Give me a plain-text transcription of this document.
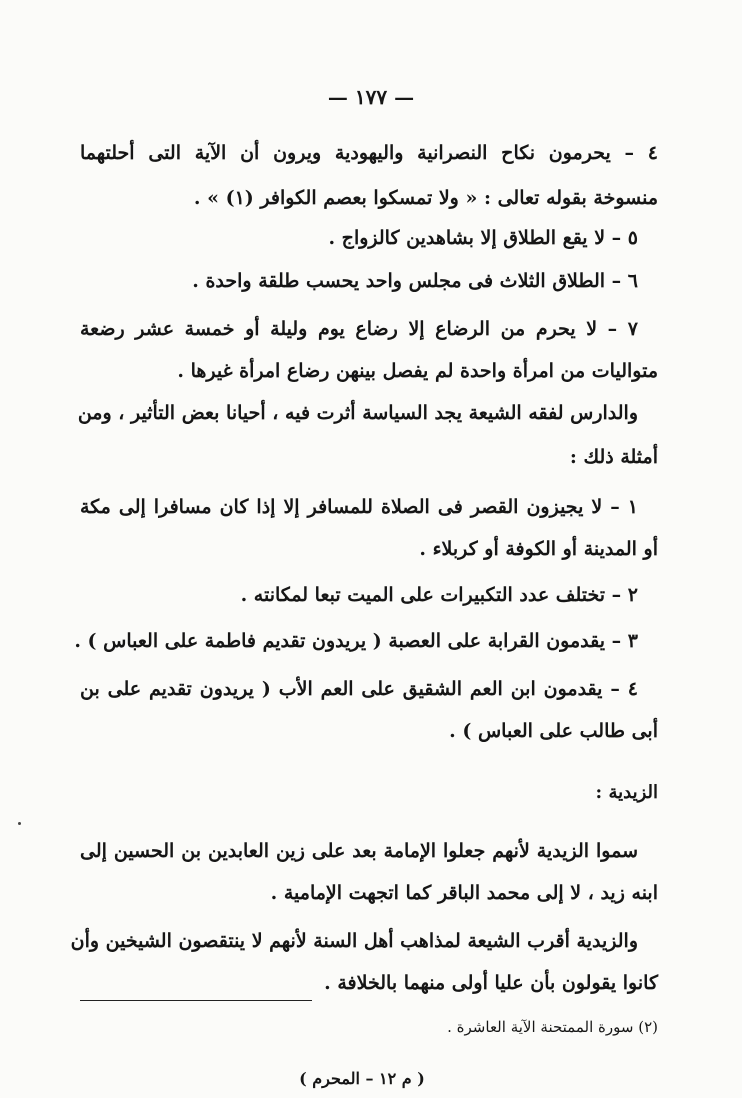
— ١٧٧ —

٤ – يحرمون نكاح النصرانية واليهودية ويرون أن الآية التى أحلتهما

منسوخة بقوله تعالى : « ولا تمسكوا بعصم الكوافر (١) » .

٥ – لا يقع الطلاق إلا بشاهدين كالزواج .

٦ – الطلاق الثلاث فى مجلس واحد يحسب طلقة واحدة .

٧ – لا يحرم من الرضاع إلا رضاع يوم وليلة أو خمسة عشر رضعة

متواليات من امرأة واحدة لم يفصل بينهن رضاع امرأة غيرها .

والدارس لفقه الشيعة يجد السياسة أثرت فيه ، أحيانا بعض التأثير ، ومن

أمثلة ذلك :

١ – لا يجيزون القصر فى الصلاة للمسافر إلا إذا كان مسافرا إلى مكة

أو المدينة أو الكوفة أو كربلاء .

٢ – تختلف عدد التكبيرات على الميت تبعا لمكانته .

٣ – يقدمون القرابة على العصبة ( يريدون تقديم فاطمة على العباس ) .

٤ – يقدمون ابن العم الشقيق على العم الأب ( يريدون تقديم على بن

أبى طالب على العباس ) .

الزيدية :

سموا الزيدية لأنهم جعلوا الإمامة بعد على زين العابدين بن الحسين إلى

ابنه زيد ، لا إلى محمد الباقر كما اتجهت الإمامية .

والزيدية أقرب الشيعة لمذاهب أهل السنة لأنهم لا ينتقصون الشيخين وأن

كانوا يقولون بأن عليا أولى منهما بالخلافة .

(٢) سورة الممتحنة الآية العاشرة .

( م ١٢ – المحرم )
